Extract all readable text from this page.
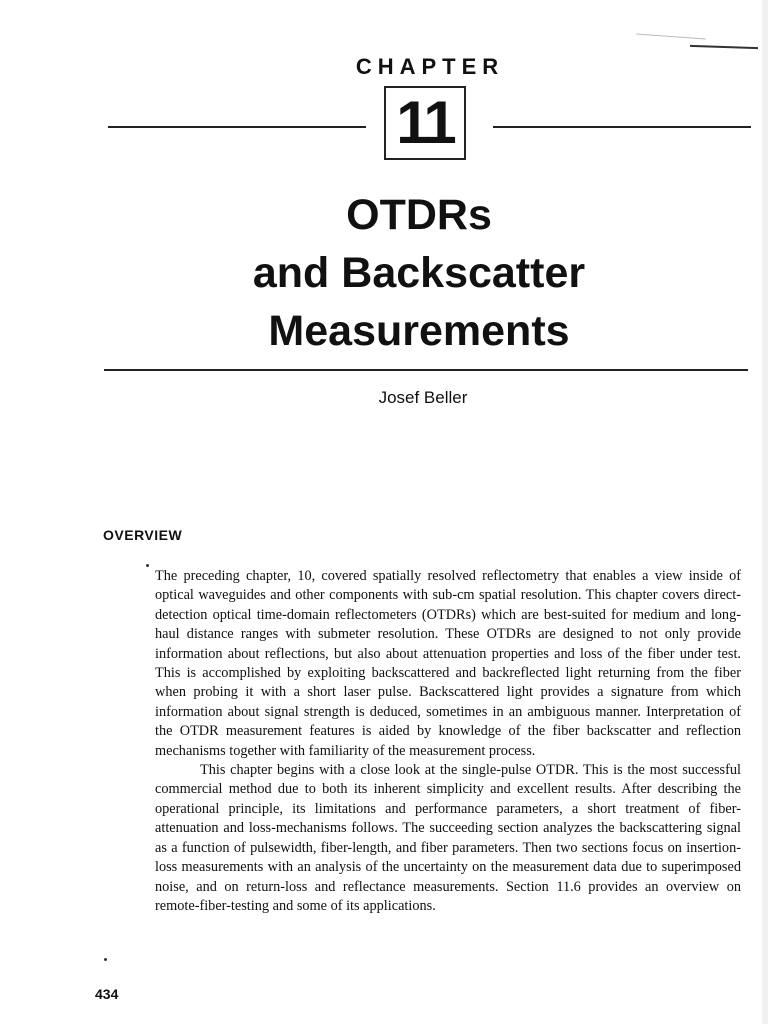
CHAPTER
11
OTDRs
and Backscatter
Measurements
Josef Beller
OVERVIEW

The preceding chapter, 10, covered spatially resolved reflectometry that enables a view inside of optical waveguides and other components with sub-cm spatial resolution. This chapter covers direct-detection optical time-domain reflectometers (OTDRs) which are best-suited for medium and long-haul distance ranges with submeter resolution. These OTDRs are designed to not only provide information about reflections, but also about attenuation properties and loss of the fiber under test. This is accomplished by exploiting backscattered and backreflected light returning from the fiber when probing it with a short laser pulse. Backscattered light provides a signature from which information about signal strength is deduced, sometimes in an ambiguous manner. Interpretation of the OTDR measurement features is aided by knowledge of the fiber backscatter and reflection mechanisms together with familiarity of the measurement process.

This chapter begins with a close look at the single-pulse OTDR. This is the most successful commercial method due to both its inherent simplicity and excellent results. After describing the operational principle, its limitations and performance parameters, a short treatment of fiber-attenuation and loss-mechanisms follows. The succeeding section analyzes the backscattering signal as a function of pulsewidth, fiber-length, and fiber parameters. Then two sections focus on insertion-loss measurements with an analysis of the uncertainty on the measurement data due to superimposed noise, and on return-loss and reflectance measurements. Section 11.6 provides an overview on remote-fiber-testing and some of its applications.

434
